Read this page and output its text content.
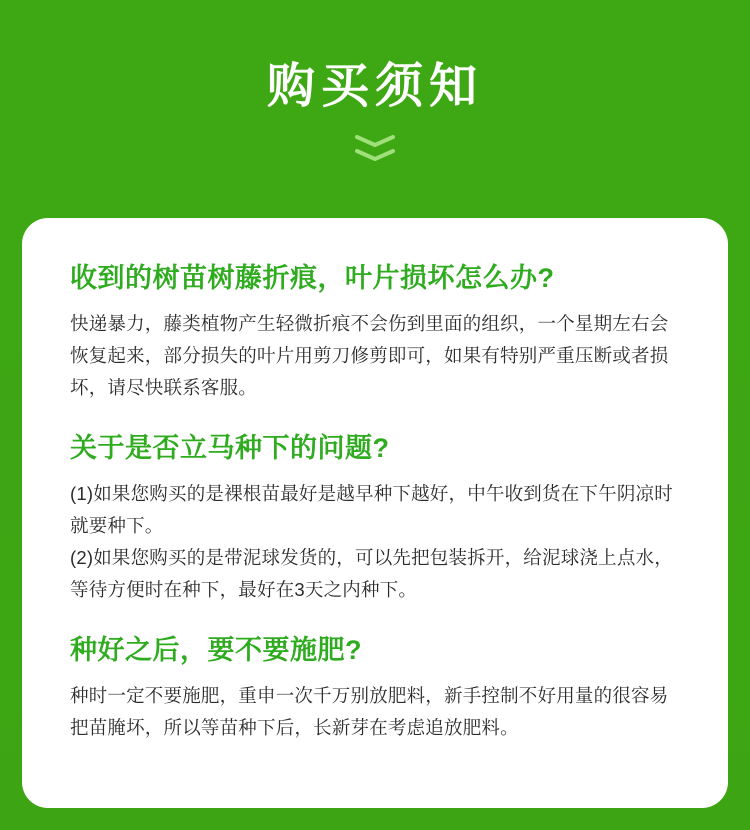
购买须知
收到的树苗树藤折痕，叶片损坏怎么办?

快递暴力，藤类植物产生轻微折痕不会伤到里面的组织，一个星期左右会恢复起来，部分损失的叶片用剪刀修剪即可，如果有特别严重压断或者损坏，请尽快联系客服。

关于是否立马种下的问题?

(1)如果您购买的是裸根苗最好是越早种下越好，中午收到货在下午阴凉时就要种下。

(2)如果您购买的是带泥球发货的，可以先把包装拆开，给泥球浇上点水，等待方便时在种下，最好在3天之内种下。

种好之后，要不要施肥?

种时一定不要施肥，重申一次千万别放肥料，新手控制不好用量的很容易把苗腌坏，所以等苗种下后，长新芽在考虑追放肥料。
